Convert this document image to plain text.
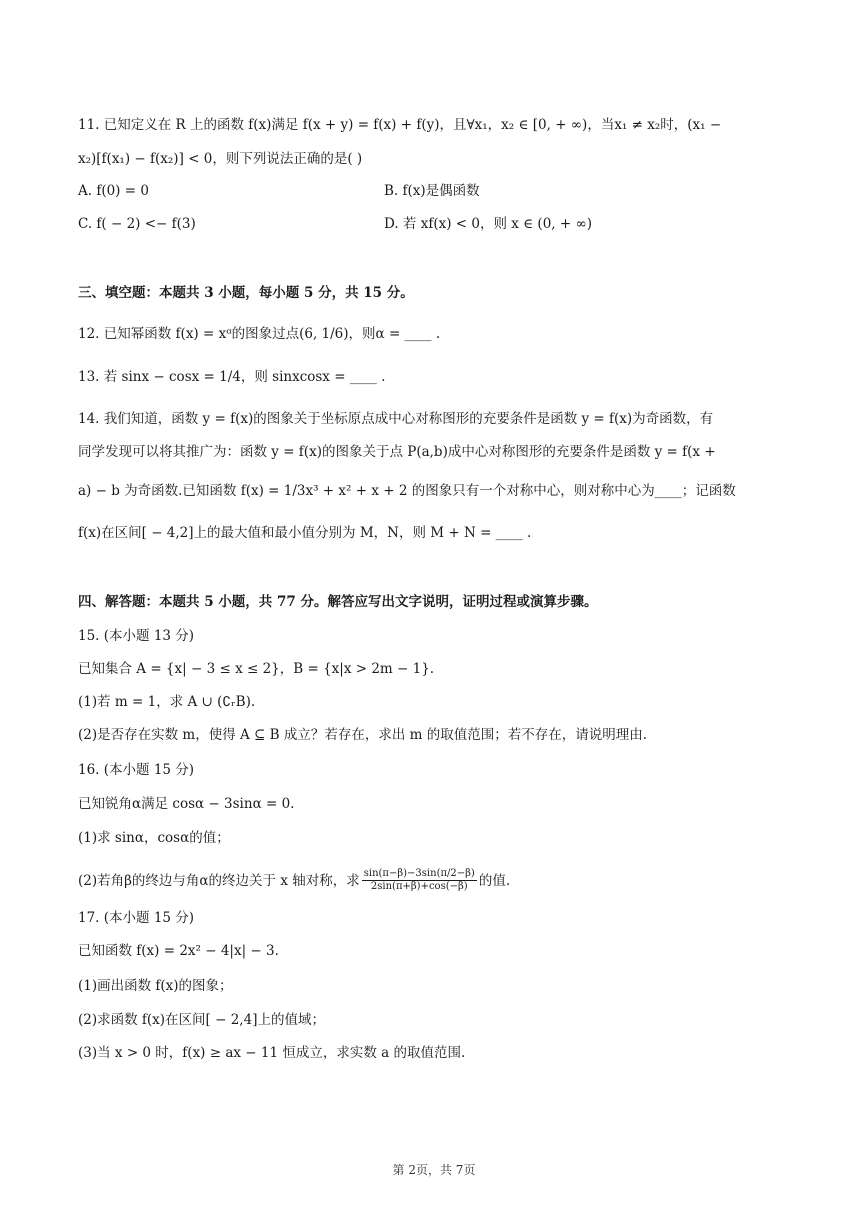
11. 已知定义在 R 上的函数 f(x)满足 f(x + y) = f(x) + f(y)，且∀x₁，x₂ ∈ [0, + ∞)，当x₁ ≠ x₂时，(x₁ −
x₂)[f(x₁) − f(x₂)] < 0，则下列说法正确的是( )
A. f(0) = 0	B. f(x)是偶函数
C. f( − 2) <− f(3)	D. 若 xf(x) < 0，则 x ∈ (0, + ∞)
三、填空题：本题共 3 小题，每小题 5 分，共 15 分。
12. 已知幂函数 f(x) = xᵅ的图象过点(6, 1/6)，则α = ____ .
13. 若 sinx − cosx = 1/4，则 sinxcosx = ____ .
14. 我们知道，函数 y = f(x)的图象关于坐标原点成中心对称图形的充要条件是函数 y = f(x)为奇函数，有
同学发现可以将其推广为：函数 y = f(x)的图象关于点 P(a,b)成中心对称图形的充要条件是函数 y = f(x +
a) − b 为奇函数.已知函数 f(x) = 1/3x³ + x² + x + 2 的图象只有一个对称中心，则对称中心为____；记函数
f(x)在区间[ − 4,2]上的最大值和最小值分别为 M，N，则 M + N = ____ .
四、解答题：本题共 5 小题，共 77 分。解答应写出文字说明，证明过程或演算步骤。
15. (本小题 13 分)
已知集合 A = {x| − 3 ≤ x ≤ 2}，B = {x|x > 2m − 1}.
(1)若 m = 1，求 A ∪ (∁ᵣB).
(2)是否存在实数 m，使得 A ⊆ B 成立？若存在，求出 m 的取值范围；若不存在，请说明理由.
16. (本小题 15 分)
已知锐角α满足 cosα − 3sinα = 0.
(1)求 sinα，cosα的值；
(2)若角β的终边与角α的终边关于 x 轴对称，求 $\frac{\sin(\pi-\beta)-3\sin(\pi/2-\beta)}{2\sin(\pi+\beta)+\cos(-\beta)}$ 的值.
17. (本小题 15 分)
已知函数 f(x) = 2x² − 4|x| − 3.
(1)画出函数 f(x)的图象；
(2)求函数 f(x)在区间[ − 2,4]上的值域；
(3)当 x > 0 时，f(x) ≥ ax − 11 恒成立，求实数 a 的取值范围.
第 2页，共 7页
